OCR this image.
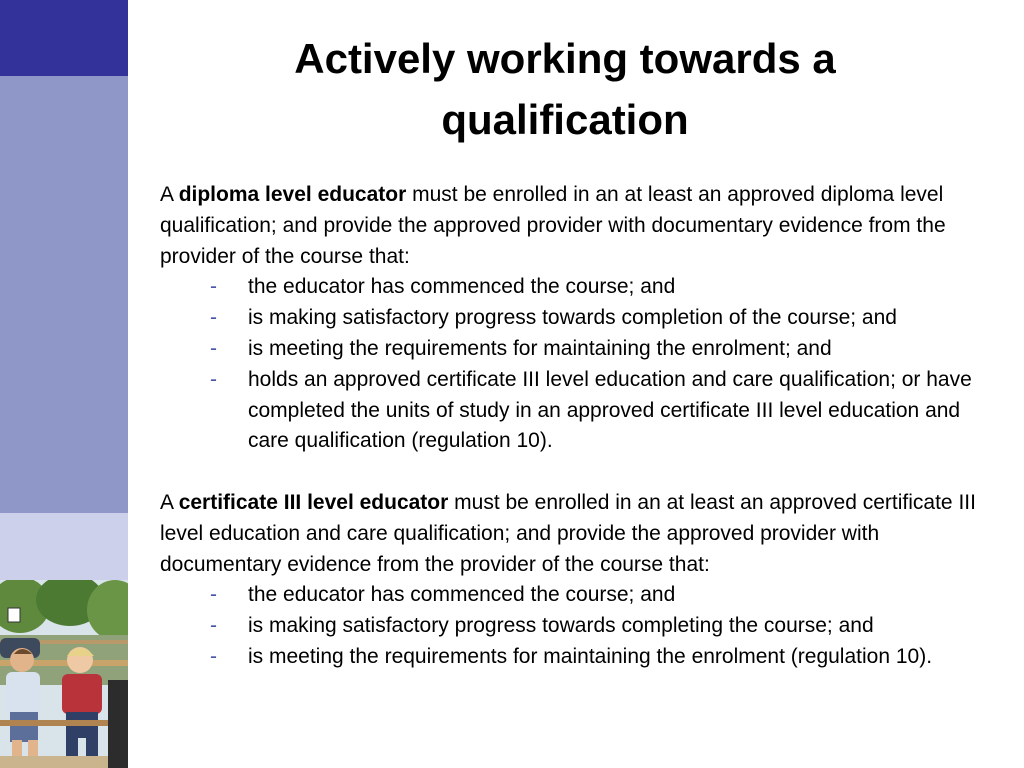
Actively working towards a qualification

A diploma level educator must be enrolled in an at least an approved diploma level qualification; and provide the approved provider with documentary evidence from the provider of the course that:

- the educator has commenced the course; and
- is making satisfactory progress towards completion of the course; and
- is meeting the requirements for maintaining the enrolment; and
- holds an approved certificate III level education and care qualification; or have completed the units of study in an approved certificate III level education and care qualification (regulation 10).

A certificate III level educator must be enrolled in an at least an approved certificate III level education and care qualification; and provide the approved provider with documentary evidence from the provider of the course that:

- the educator has commenced the course; and
- is making satisfactory progress towards completing the course; and
- is meeting the requirements for maintaining the enrolment (regulation 10).
